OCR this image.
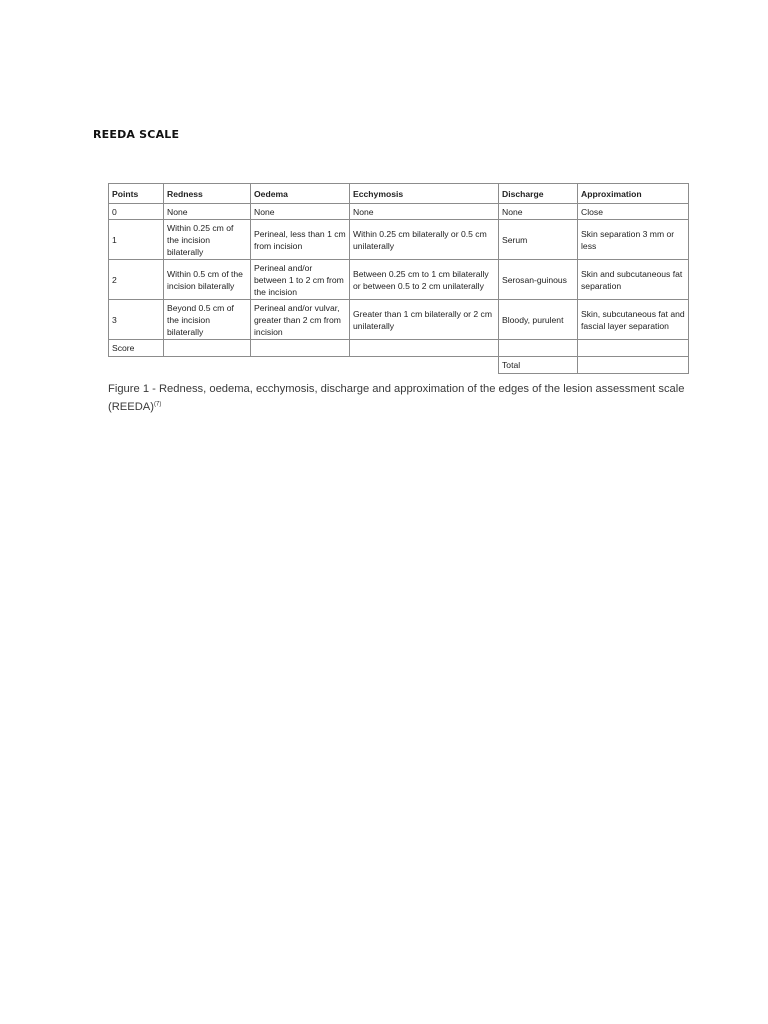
REEDA SCALE
Points	Redness	Oedema	Ecchymosis	Discharge	Approximation
0	None	None	None	None	Close
1	Within 0.25 cm of the incision bilaterally	Perineal, less than 1 cm from incision	Within 0.25 cm bilaterally or 0.5 cm unilaterally	Serum	Skin separation 3 mm or less
2	Within 0.5 cm of the incision bilaterally	Perineal and/or between 1 to 2 cm from the incision	Between 0.25 cm to 1 cm bilaterally or between 0.5 to 2 cm unilaterally	Serosan-guinous	Skin and subcutaneous fat separation
3	Beyond 0.5 cm of the incision bilaterally	Perineal and/or vulvar, greater than 2 cm from incision	Greater than 1 cm bilaterally or 2 cm unilaterally	Bloody, purulent	Skin, subcutaneous fat and fascial layer separation
Score					
				Total	
Figure 1 - Redness, oedema, ecchymosis, discharge and approximation of the edges of the lesion assessment scale (REEDA)$^{(7)}$
